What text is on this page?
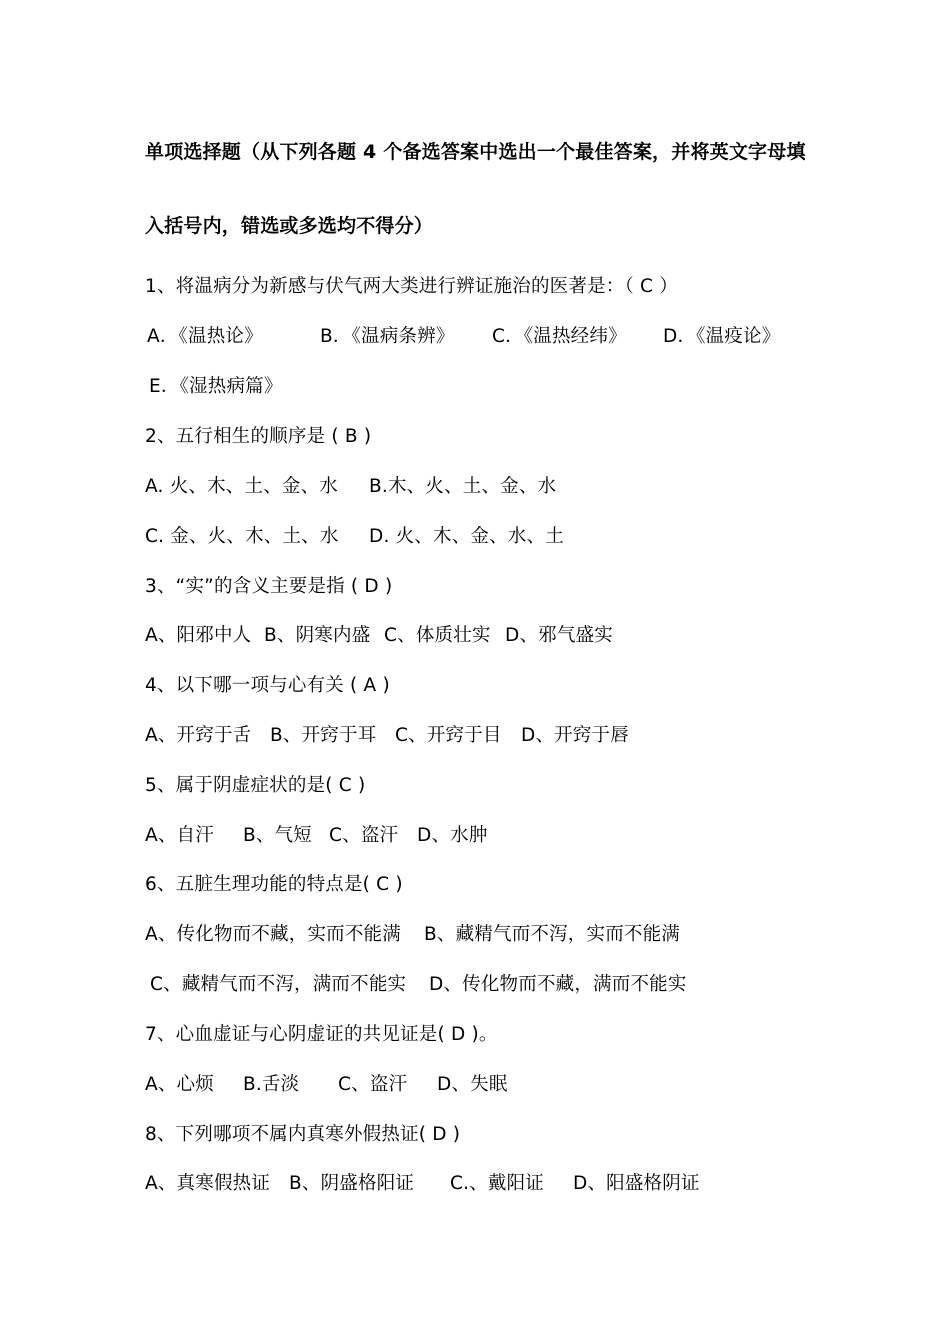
单项选择题（从下列各题 4 个备选答案中选出一个最佳答案，并将英文字母填
入括号内，错选或多选均不得分）
1、将温病分为新感与伏气两大类进行辨证施治的医著是：（ C ）
A．《温热论》	B．《温病条辨》 C．《温热经纬》 D．《温疫论》
E．《湿热病篇》
2、五行相生的顺序是 ( B )
A. 火、木、土、金、水 B.木、火、土、金、水
C. 金、火、木、土、水 D. 火、木、金、水、土
3、“实”的含义主要是指 ( D )
A、阳邪中人 B、阴寒内盛 C、体质壮实 D、邪气盛实
4、以下哪一项与心有关 ( A )
A、开窍于舌 B、开窍于耳 C、开窍于目 D、开窍于唇
5、属于阴虚症状的是( C )
A、自汗 B、气短 C、盗汗 D、水肿
6、五脏生理功能的特点是( C )
A、传化物而不藏，实而不能满 B、藏精气而不泻，实而不能满
C、藏精气而不泻，满而不能实 D、传化物而不藏，满而不能实
7、心血虚证与心阴虚证的共见证是( D )。
A、心烦 B.舌淡 C、盗汗 D、失眠
8、下列哪项不属内真寒外假热证( D )
A、真寒假热证 B、阴盛格阳证 C.、戴阳证 D、阳盛格阴证
